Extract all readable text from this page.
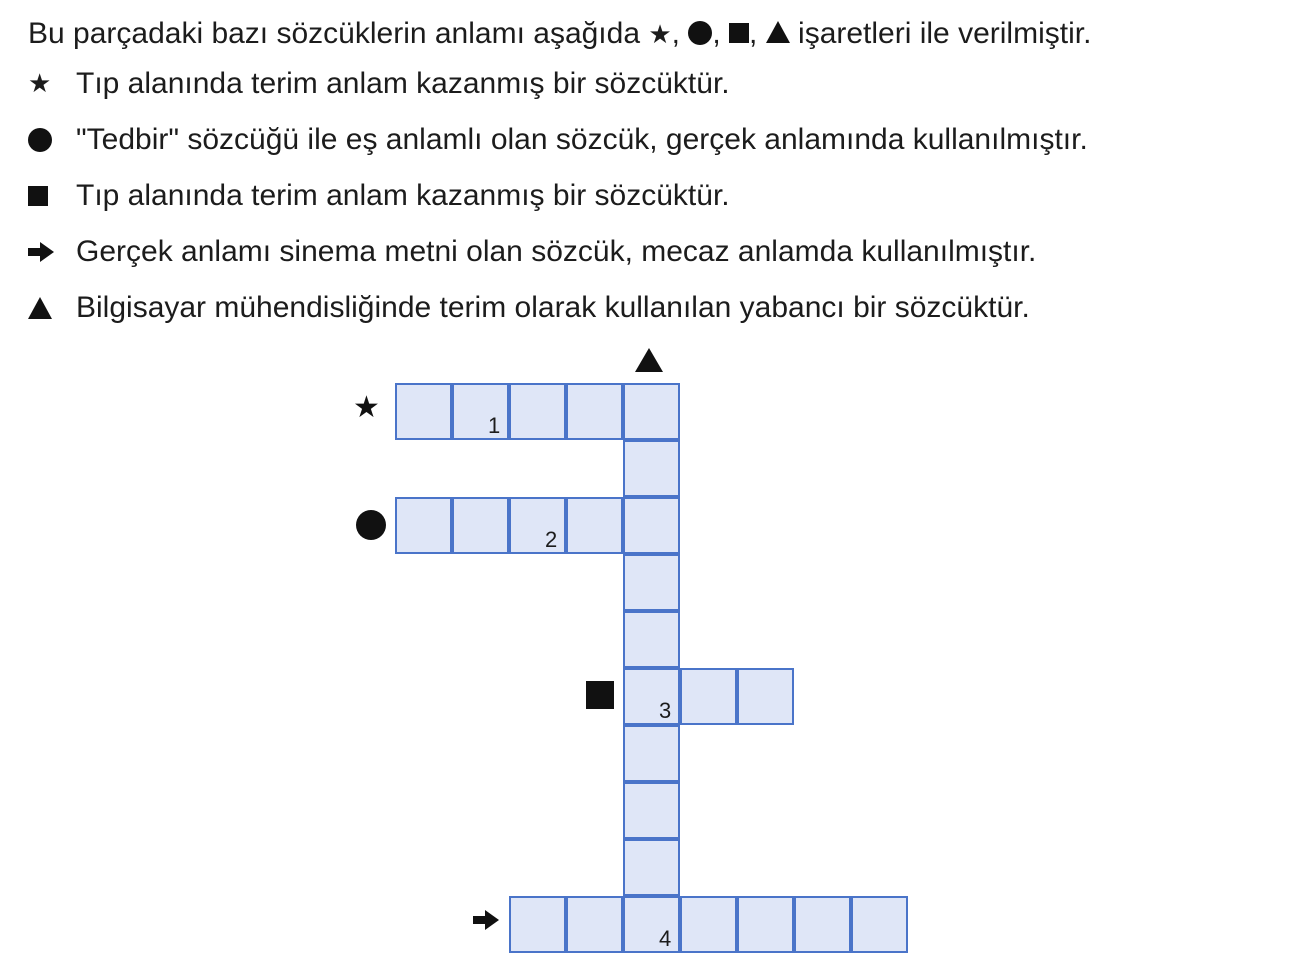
Bu parçadaki bazı sözcüklerin anlamı aşağıda ★, , ,  işaretleri ile verilmiştir.
★ Tıp alanında terim anlam kazanmış bir sözcüktür.
"Tedbir" sözcüğü ile eş anlamlı olan sözcük, gerçek anlamında kullanılmıştır.
Tıp alanında terim anlam kazanmış bir sözcüktür.
Gerçek anlamı sinema metni olan sözcük, mecaz anlamda kullanılmıştır.
Bilgisayar mühendisliğinde terim olarak kullanılan yabancı bir sözcüktür.
★
1
2
3
4
